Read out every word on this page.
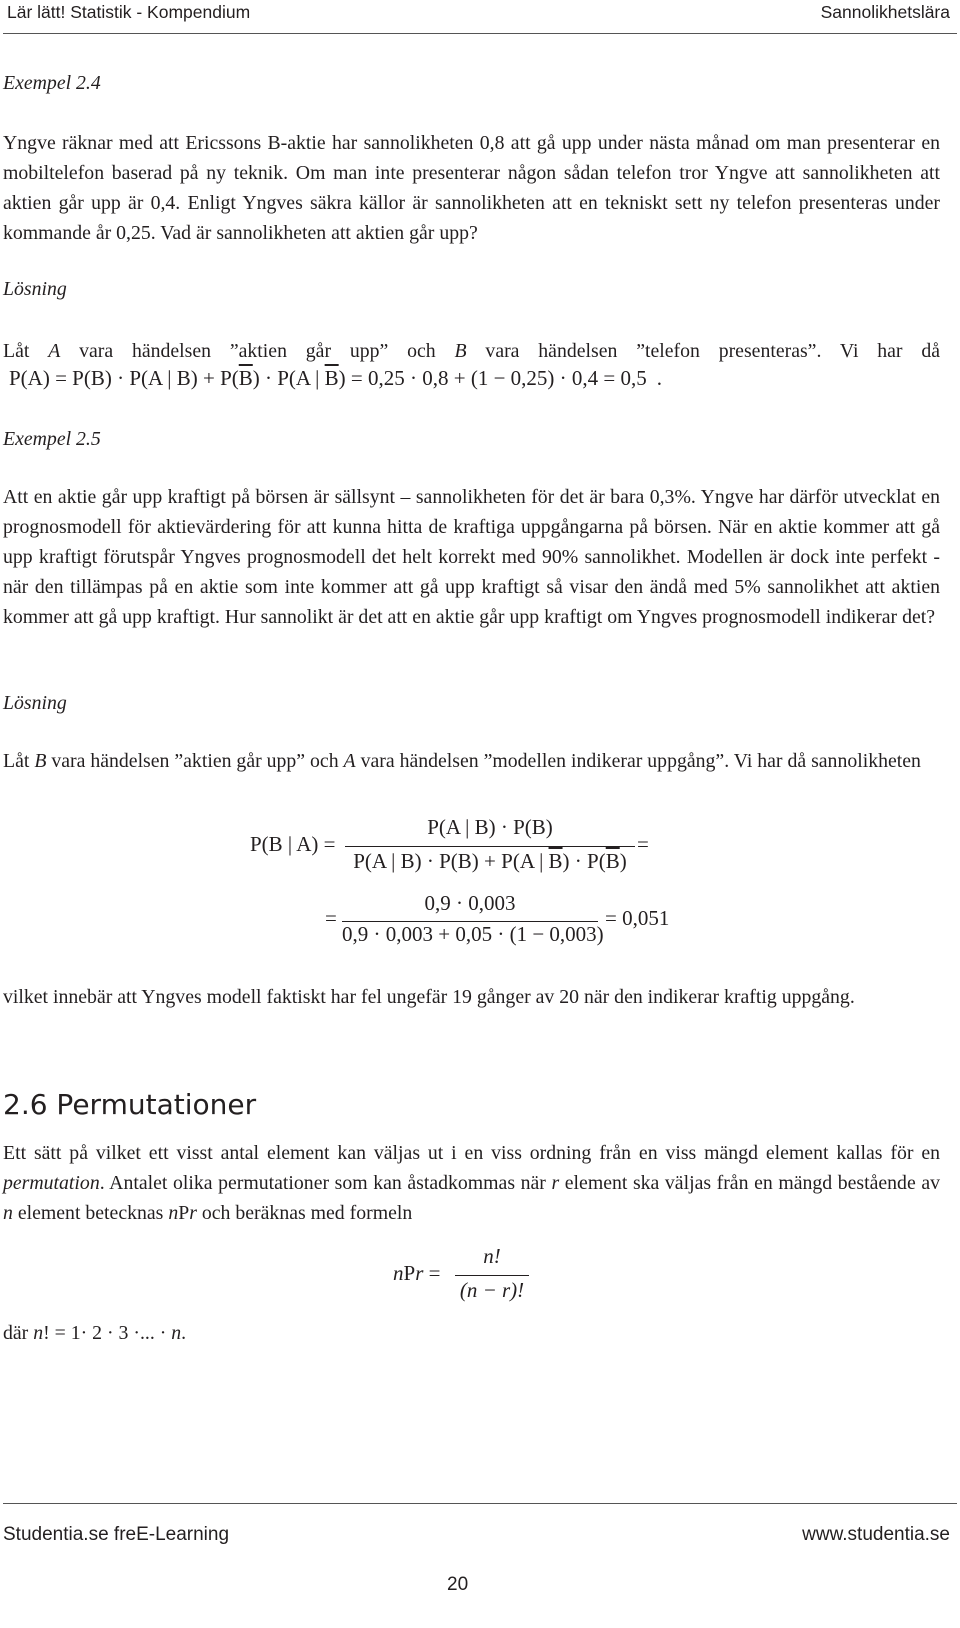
Lär lätt! Statistik - Kompendium	Sannolikhetslära
Exempel 2.4
Yngve räknar med att Ericssons B-aktie har sannolikheten 0,8 att gå upp under nästa månad om man presenterar en mobiltelefon baserad på ny teknik. Om man inte presenterar någon sådan telefon tror Yngve att sannolikheten att aktien går upp är 0,4. Enligt Yngves säkra källor är sannolikheten att en tekniskt sett ny telefon presenteras under kommande år 0,25. Vad är sannolikheten att aktien går upp?
Lösning
Låt A vara händelsen ”aktien går upp” och B vara händelsen ”telefon presenteras”. Vi har då
P(A) = P(B) · P(A | $B) + P(\overline{B}) \cdot P(A$ | $\overline{B}) = 0,25 \cdot 0,8 + (1 - 0,25) \cdot 0,4 = 0,5$ .
Exempel 2.5
Att en aktie går upp kraftigt på börsen är sällsynt – sannolikheten för det är bara 0,3%. Yngve har därför utvecklat en prognosmodell för aktievärdering för att kunna hitta de kraftiga uppgångarna på börsen. När en aktie kommer att gå upp kraftigt förutspår Yngves prognosmodell det helt korrekt med 90% sannolikhet. Modellen är dock inte perfekt - när den tillämpas på en aktie som inte kommer att gå upp kraftigt så visar den ändå med 5% sannolikhet att aktien kommer att gå upp kraftigt. Hur sannolikt är det att en aktie går upp kraftigt om Yngves prognosmodell indikerar det?
Lösning
Låt B vara händelsen ”aktien går upp” och A vara händelsen ”modellen indikerar uppgång”. Vi har då sannolikheten
P(B | A) =
P(A | B) · P(B)
P(A | B) · P(B) + P(A | $\overline{B}) \cdot P(\overline{B})$
=
=
0,9 · 0,003
0,9 · 0,003 + 0,05 · (1 − 0,003)
= 0,051
vilket innebär att Yngves modell faktiskt har fel ungefär 19 gånger av 20 när den indikerar kraftig uppgång.
2.6 Permutationer
Ett sätt på vilket ett visst antal element kan väljas ut i en viss ordning från en viss mängd element kallas för en permutation. Antalet olika permutationer som kan åstadkommas när r element ska väljas från en mängd bestående av n element betecknas nPr och beräknas med formeln
nPr =
n!
(n − r)!
där n! = 1· 2 · 3 ·... · n.
Studentia.se freE-Learning	www.studentia.se
20
